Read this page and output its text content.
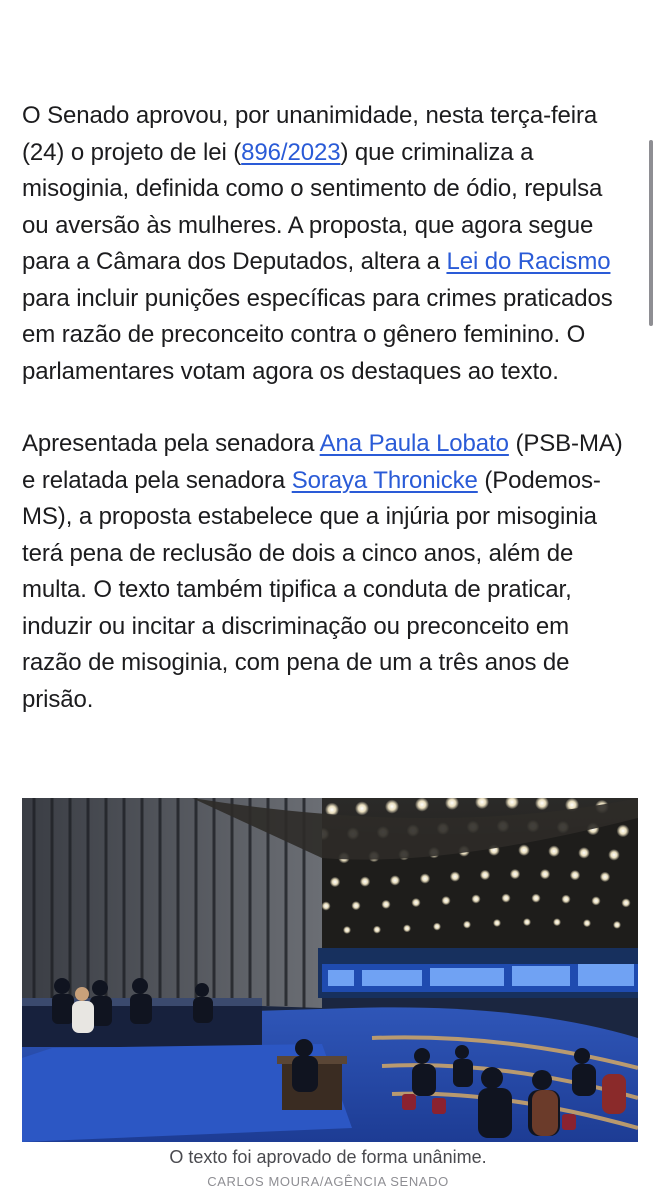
O Senado aprovou, por unanimidade, nesta terça-feira (24) o projeto de lei (896/2023) que criminaliza a misoginia, definida como o sentimento de ódio, repulsa ou aversão às mulheres. A proposta, que agora segue para a Câmara dos Deputados, altera a Lei do Racismo para incluir punições específicas para crimes praticados em razão de preconceito contra o gênero feminino. O parlamentares votam agora os destaques ao texto.

Apresentada pela senadora Ana Paula Lobato (PSB-MA) e relatada pela senadora Soraya Thronicke (Podemos-MS), a proposta estabelece que a injúria por misoginia terá pena de reclusão de dois a cinco anos, além de multa. O texto também tipifica a conduta de praticar, induzir ou incitar a discriminação ou preconceito em razão de misoginia, com pena de um a três anos de prisão.

O texto foi aprovado de forma unânime.
CARLOS MOURA/AGÊNCIA SENADO
